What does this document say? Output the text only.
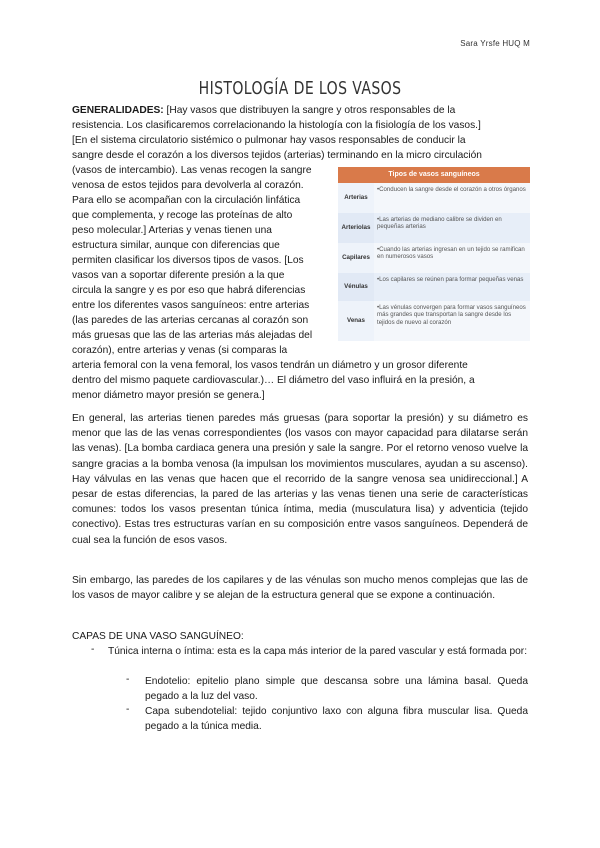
Sara Yrsfe HUQ M
HISTOLOGÍA DE LOS VASOS
GENERALIDADES: [Hay vasos que distribuyen la sangre y otros responsables de la
resistencia. Los clasificaremos correlacionando la histología con la fisiología de los vasos.]
[En el sistema circulatorio sistémico o pulmonar hay vasos responsables de conducir la
sangre desde el corazón a los diversos tejidos (arterias) terminando en la micro circulación
(vasos de intercambio). Las venas recogen la sangre
venosa de estos tejidos para devolverla al corazón.
Para ello se acompañan con la circulación linfática
que complementa, y recoge las proteínas de alto
peso molecular.] Arterias y venas tienen una
estructura similar, aunque con diferencias que
permiten clasificar los diversos tipos de vasos. [Los
vasos van a soportar diferente presión a la que
circula la sangre y es por eso que habrá diferencias
entre los diferentes vasos sanguíneos: entre arterias
(las paredes de las arterias cercanas al corazón son
más gruesas que las de las arterias más alejadas del
corazón), entre arterias y venas (si comparas la
arteria femoral con la vena femoral, los vasos tendrán un diámetro y un grosor diferente
dentro del mismo paquete cardiovascular.)… El diámetro del vaso influirá en la presión, a
menor diámetro mayor presión se genera.]
Tipos de vasos sanguíneos	
Arterias	•Conducen la sangre desde el corazón a otros órganos
Arteriolas	•Las arterias de mediano calibre se dividen en pequeñas arterias
Capilares	•Cuando las arterias ingresan en un tejido se ramifican en numerosos vasos
Vénulas	•Los capilares se reúnen para formar pequeñas venas
Venas	•Las vénulas convergen para formar vasos sanguíneos más grandes que transportan la sangre desde los tejidos de nuevo al corazón
En general, las arterias tienen paredes más gruesas (para soportar la presión) y su diámetro es menor que las de las venas correspondientes (los vasos con mayor capacidad para dilatarse serán las venas). [La bomba cardiaca genera una presión y sale la sangre. Por el retorno venoso vuelve la sangre gracias a la bomba venosa (la impulsan los movimientos musculares, ayudan a su ascenso). Hay válvulas en las venas que hacen que el recorrido de la sangre venosa sea unidireccional.] A pesar de estas diferencias, la pared de las arterias y las venas tienen una serie de características comunes: todos los vasos presentan túnica íntima, media (musculatura lisa) y adventicia (tejido conectivo). Estas tres estructuras varían en su composición entre vasos sanguíneos. Dependerá de cual sea la función de esos vasos.
Sin embargo, las paredes de los capilares y de las vénulas son mucho menos complejas que las de los vasos de mayor calibre y se alejan de la estructura general que se expone a continuación.
CAPAS DE UNA VASO SANGUÍNEO:
- Túnica interna o íntima: esta es la capa más interior de la pared vascular y está formada por:
- Endotelio: epitelio plano simple que descansa sobre una lámina basal. Queda pegado a la luz del vaso.
- Capa subendotelial: tejido conjuntivo laxo con alguna fibra muscular lisa. Queda pegado a la túnica media.
